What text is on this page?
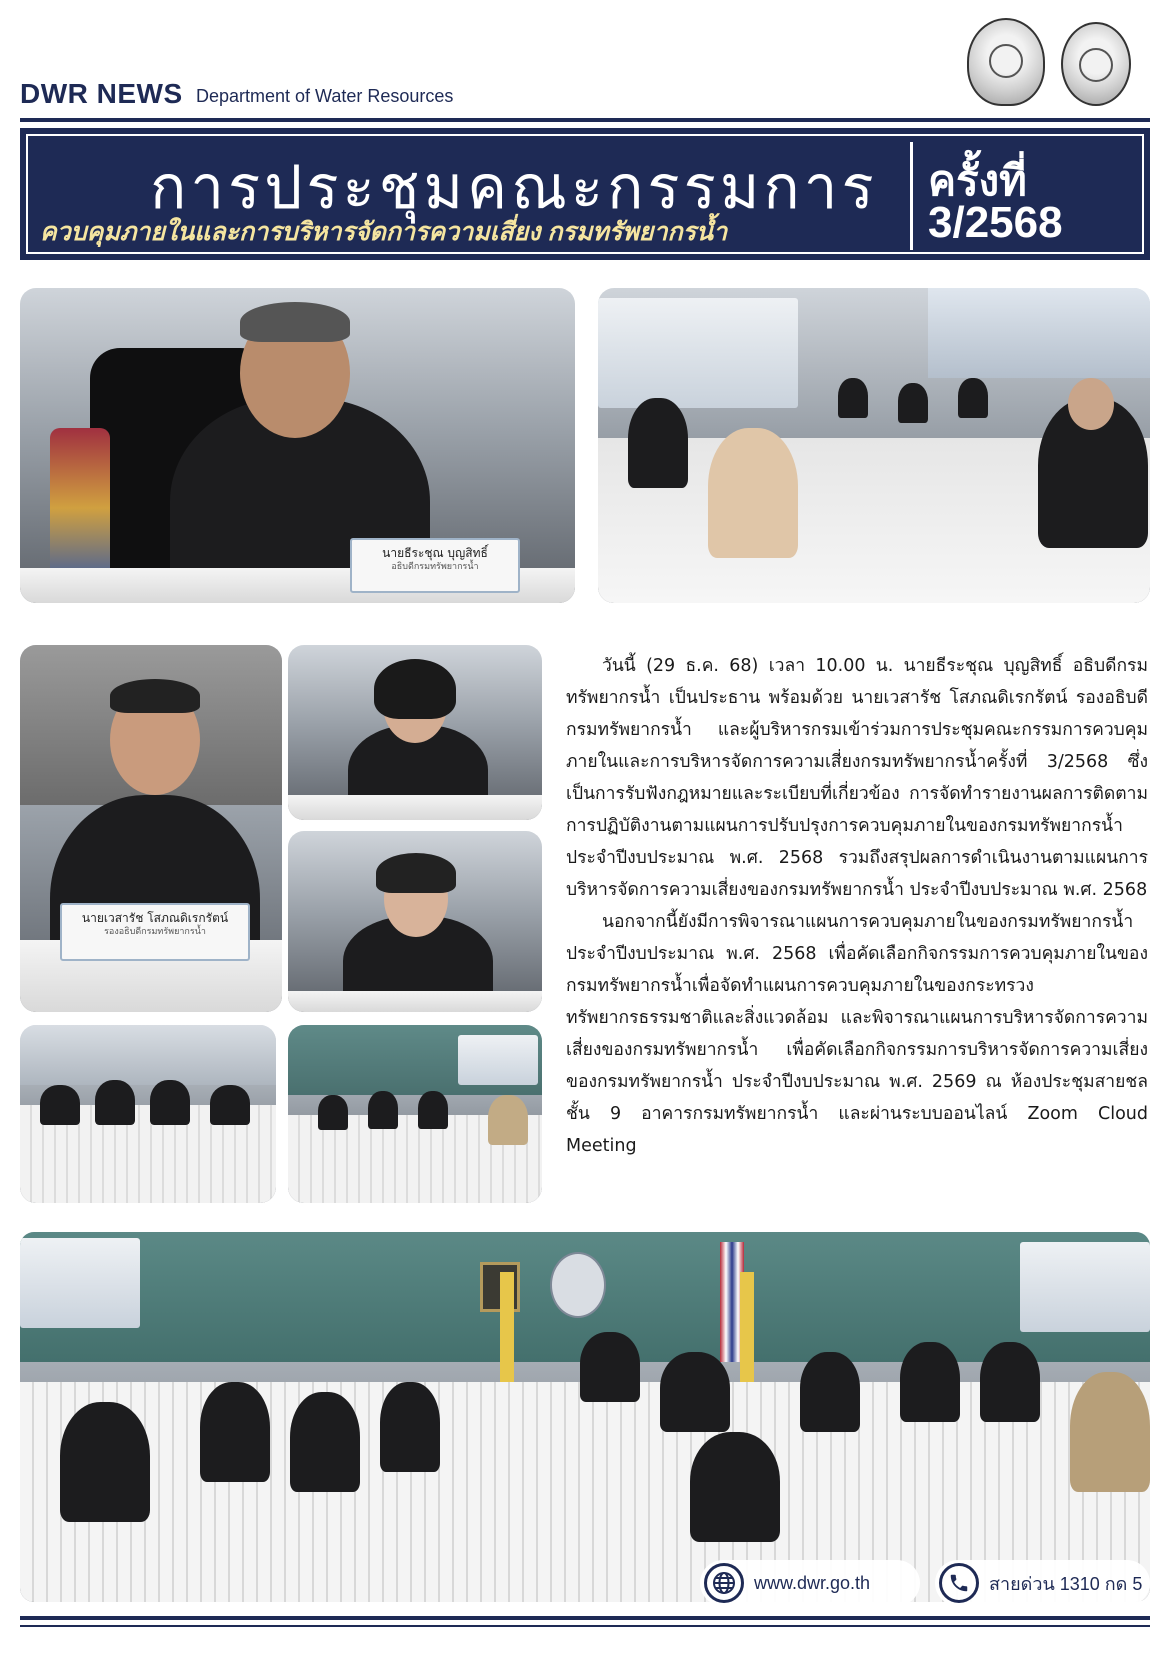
DWR NEWS Department of Water Resources
การประชุมคณะกรรมการ
ควบคุมภายในและการบริหารจัดการความเสี่ยง กรมทรัพยากรน้ำ
ครั้งที่
3/2568
นายธีระชุณ บุญสิทธิ์
อธิบดีกรมทรัพยากรน้ำ
นายเวสารัช โสภณดิเรกรัตน์
รองอธิบดีกรมทรัพยากรน้ำ

วันนี้ (29 ธ.ค. 68) เวลา 10.00 น. นายธีระชุณ บุญสิทธิ์ อธิบดีกรมทรัพยากรน้ำ เป็นประธาน พร้อมด้วย นายเวสารัช โสภณดิเรกรัตน์ รองอธิบดีกรมทรัพยากรน้ำ และผู้บริหารกรมเข้าร่วมการประชุมคณะกรรมการควบคุมภายในและการบริหารจัดการความเสี่ยงกรมทรัพยากรน้ำครั้งที่ 3/2568 ซึ่งเป็นการรับฟังกฎหมายและระเบียบที่เกี่ยวข้อง การจัดทำรายงานผลการติดตามการปฏิบัติงานตามแผนการปรับปรุงการควบคุมภายในของกรมทรัพยากรน้ำ ประจำปีงบประมาณ พ.ศ. 2568 รวมถึงสรุปผลการดำเนินงานตามแผนการบริหารจัดการความเสี่ยงของกรมทรัพยากรน้ำ ประจำปีงบประมาณ พ.ศ. 2568

นอกจากนี้ยังมีการพิจารณาแผนการควบคุมภายในของกรมทรัพยากรน้ำ ประจำปีงบประมาณ พ.ศ. 2568 เพื่อคัดเลือกกิจกรรมการควบคุมภายในของกรมทรัพยากรน้ำเพื่อจัดทำแผนการควบคุมภายในของกระทรวงทรัพยากรธรรมชาติและสิ่งแวดล้อม และพิจารณาแผนการบริหารจัดการความเสี่ยงของกรมทรัพยากรน้ำ เพื่อคัดเลือกกิจกรรมการบริหารจัดการความเสี่ยงของกรมทรัพยากรน้ำ ประจำปีงบประมาณ พ.ศ. 2569 ณ ห้องประชุมสายชล ชั้น 9 อาคารกรมทรัพยากรน้ำ และผ่านระบบออนไลน์ Zoom Cloud Meeting

www.dwr.go.th	สายด่วน 1310 กด 5
